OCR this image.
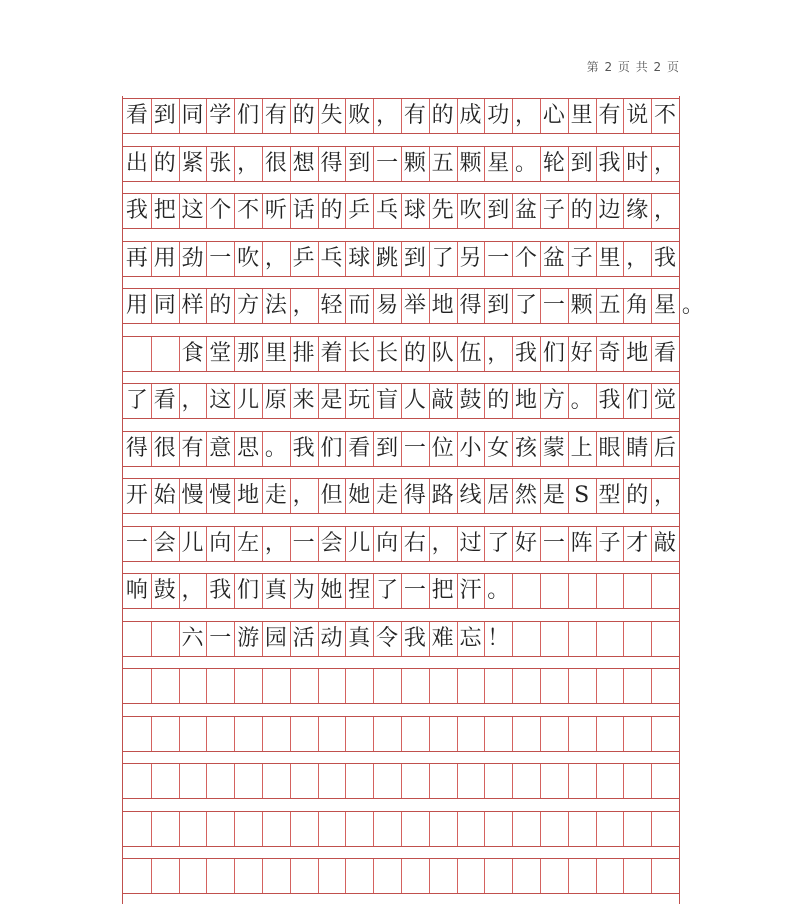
第 2 页 共 2 页
看 到 同 学 们 有 的 失 败 ， 有 的 成 功 ， 心 里 有 说 不
出 的 紧 张 ， 很 想 得 到 一 颗 五 颗 星 。 轮 到 我 时 ，
我 把 这 个 不 听 话 的 乒 乓 球 先 吹 到 盆 子 的 边 缘 ，
再 用 劲 一 吹 ， 乒 乓 球 跳 到 了 另 一 个 盆 子 里 ， 我
用 同 样 的 方 法 ， 轻 而 易 举 地 得 到 了 一 颗 五 角 星 。
　　食 堂 那 里 排 着 长 长 的 队 伍 ， 我 们 好 奇 地 看
了 看 ， 这 儿 原 来 是 玩 盲 人 敲 鼓 的 地 方 。 我 们 觉
得 很 有 意 思 。 我 们 看 到 一 位 小 女 孩 蒙 上 眼 睛 后
开 始 慢 慢 地 走 ， 但 她 走 得 路 线 居 然 是 S 型 的 ，
一 会 儿 向 左 ， 一 会 儿 向 右 ， 过 了 好 一 阵 子 才 敲
响 鼓 ， 我 们 真 为 她 捏 了 一 把 汗 。
　　六 一 游 园 活 动 真 令 我 难 忘 ！
